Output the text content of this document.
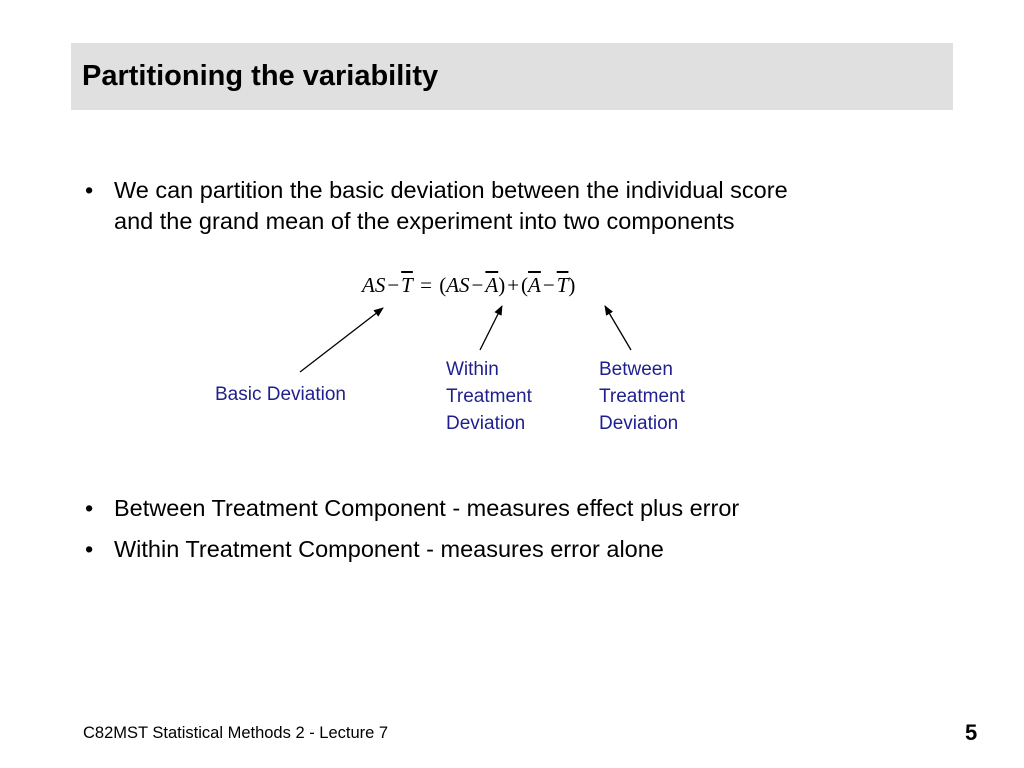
Partitioning the variability
• We can partition the basic deviation between the individual score
and the grand mean of the experiment into two components
$AS-\overline{T} = (AS-\overline{A})+(\overline{A}-\overline{T})$
Basic Deviation
Within
Treatment
Deviation
Between
Treatment
Deviation
• Between Treatment Component - measures effect plus error
• Within Treatment Component - measures error alone
C82MST Statistical Methods 2 - Lecture 7	5
